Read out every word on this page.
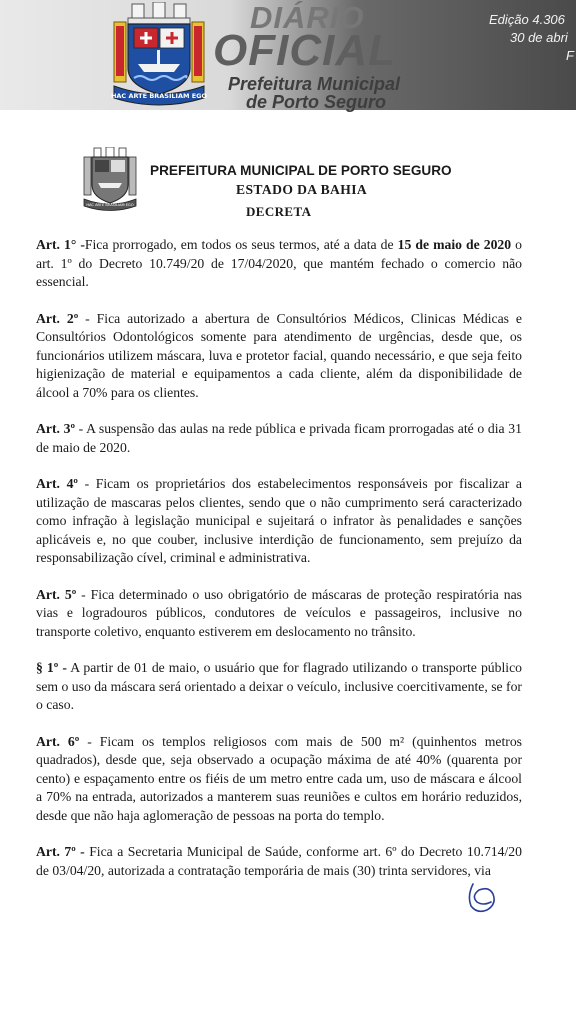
HAC ARTE BRASILIAM EGO
DIÁRIO
OFICIAL
Prefeitura Municipal
de Porto Seguro
Edição 4.306
30 de abri
F
HAC ARTE BRASILIAM EGO
PREFEITURA MUNICIPAL DE PORTO SEGURO
ESTADO DA BAHIA
DECRETA

Art. 1° -Fica prorrogado, em todos os seus termos, até a data de 15 de maio de 2020 o art. 1º do Decreto 10.749/20 de 17/04/2020, que mantém fechado o comercio não essencial.

Art. 2º - Fica autorizado a abertura de Consultórios Médicos, Clinicas Médicas e Consultórios Odontológicos somente para atendimento de urgências, desde que, os funcionários utilizem máscara, luva e protetor facial, quando necessário, e que seja feito higienização de material e equipamentos a cada cliente, além da disponibilidade de álcool a 70% para os clientes.

Art. 3º - A suspensão das aulas na rede pública e privada ficam prorrogadas até o dia 31 de maio de 2020.

Art. 4º - Ficam os proprietários dos estabelecimentos responsáveis por fiscalizar a utilização de mascaras pelos clientes, sendo que o não cumprimento será caracterizado como infração à legislação municipal e sujeitará o infrator às penalidades e sanções aplicáveis e, no que couber, inclusive interdição de funcionamento, sem prejuízo da responsabilização cível, criminal e administrativa.

Art. 5º - Fica determinado o uso obrigatório de máscaras de proteção respiratória nas vias e logradouros públicos, condutores de veículos e passageiros, inclusive no transporte coletivo, enquanto estiverem em deslocamento no trânsito.

§ 1º - A partir de 01 de maio, o usuário que for flagrado utilizando o transporte público sem o uso da máscara será orientado a deixar o veículo, inclusive coercitivamente, se for o caso.

Art. 6º - Ficam os templos religiosos com mais de 500 m² (quinhentos metros quadrados), desde que, seja observado a ocupação máxima de até 40% (quarenta por cento) e espaçamento entre os fiéis de um metro entre cada um, uso de máscara e álcool a 70% na entrada, autorizados a manterem suas reuniões e cultos em horário reduzidos, desde que não haja aglomeração de pessoas na porta do templo.

Art. 7º - Fica a Secretaria Municipal de Saúde, conforme art. 6º do Decreto 10.714/20 de 03/04/20, autorizada a contratação temporária de mais (30) trinta servidores, via
